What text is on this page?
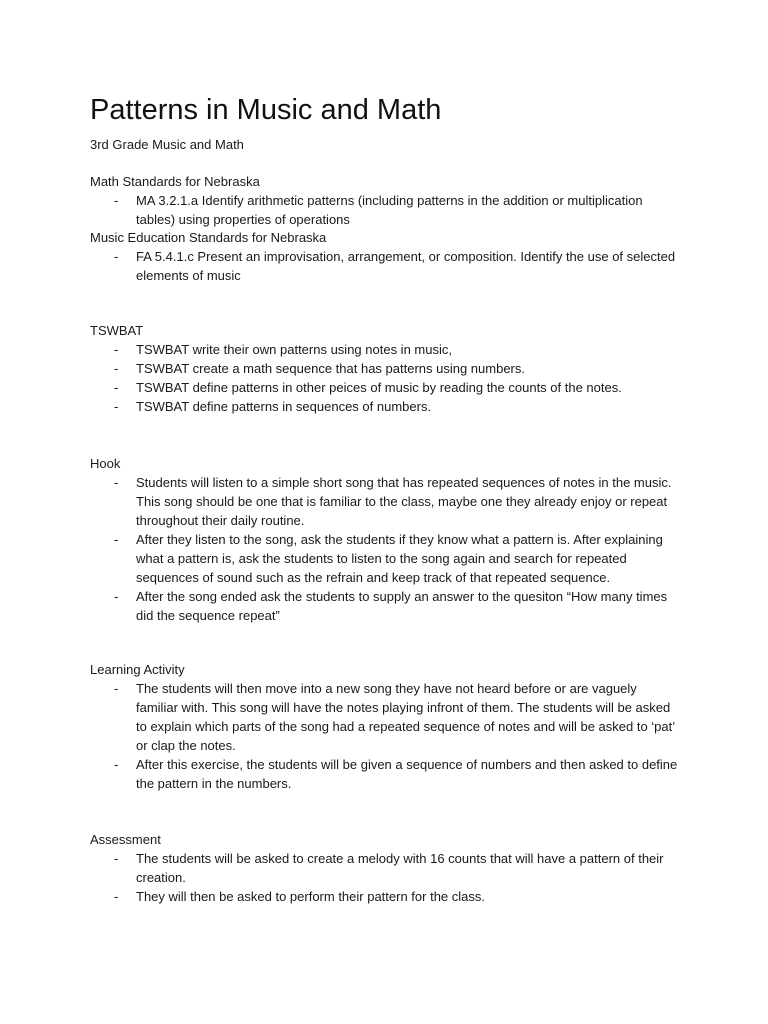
Patterns in Music and Math
3rd Grade Music and Math
Math Standards for Nebraska
- MA 3.2.1.a Identify arithmetic patterns (including patterns in the addition or multiplication tables) using properties of operations
Music Education Standards for Nebraska
- FA 5.4.1.c Present an improvisation, arrangement, or composition. Identify the use of selected elements of music
TSWBAT
- TSWBAT write their own patterns using notes in music,
- TSWBAT create a math sequence that has patterns using numbers.
- TSWBAT define patterns in other peices of music by reading the counts of the notes.
- TSWBAT define patterns in sequences of numbers.
Hook
- Students will listen to a simple short song that has repeated sequences of notes in the music. This song should be one that is familiar to the class, maybe one they already enjoy or repeat throughout their daily routine.
- After they listen to the song, ask the students if they know what a pattern is. After explaining what a pattern is, ask the students to listen to the song again and search for repeated sequences of sound such as the refrain and keep track of that repeated sequence.
- After the song ended ask the students to supply an answer to the quesiton “How many times did the sequence repeat”
Learning Activity
- The students will then move into a new song they have not heard before or are vaguely familiar with. This song will have the notes playing infront of them. The students will be asked to explain which parts of the song had a repeated sequence of notes and will be asked to ‘pat’ or clap the notes.
- After this exercise, the students will be given a sequence of numbers and then asked to define the pattern in the numbers.
Assessment
- The students will be asked to create a melody with 16 counts that will have a pattern of their creation.
- They will then be asked to perform their pattern for the class.
